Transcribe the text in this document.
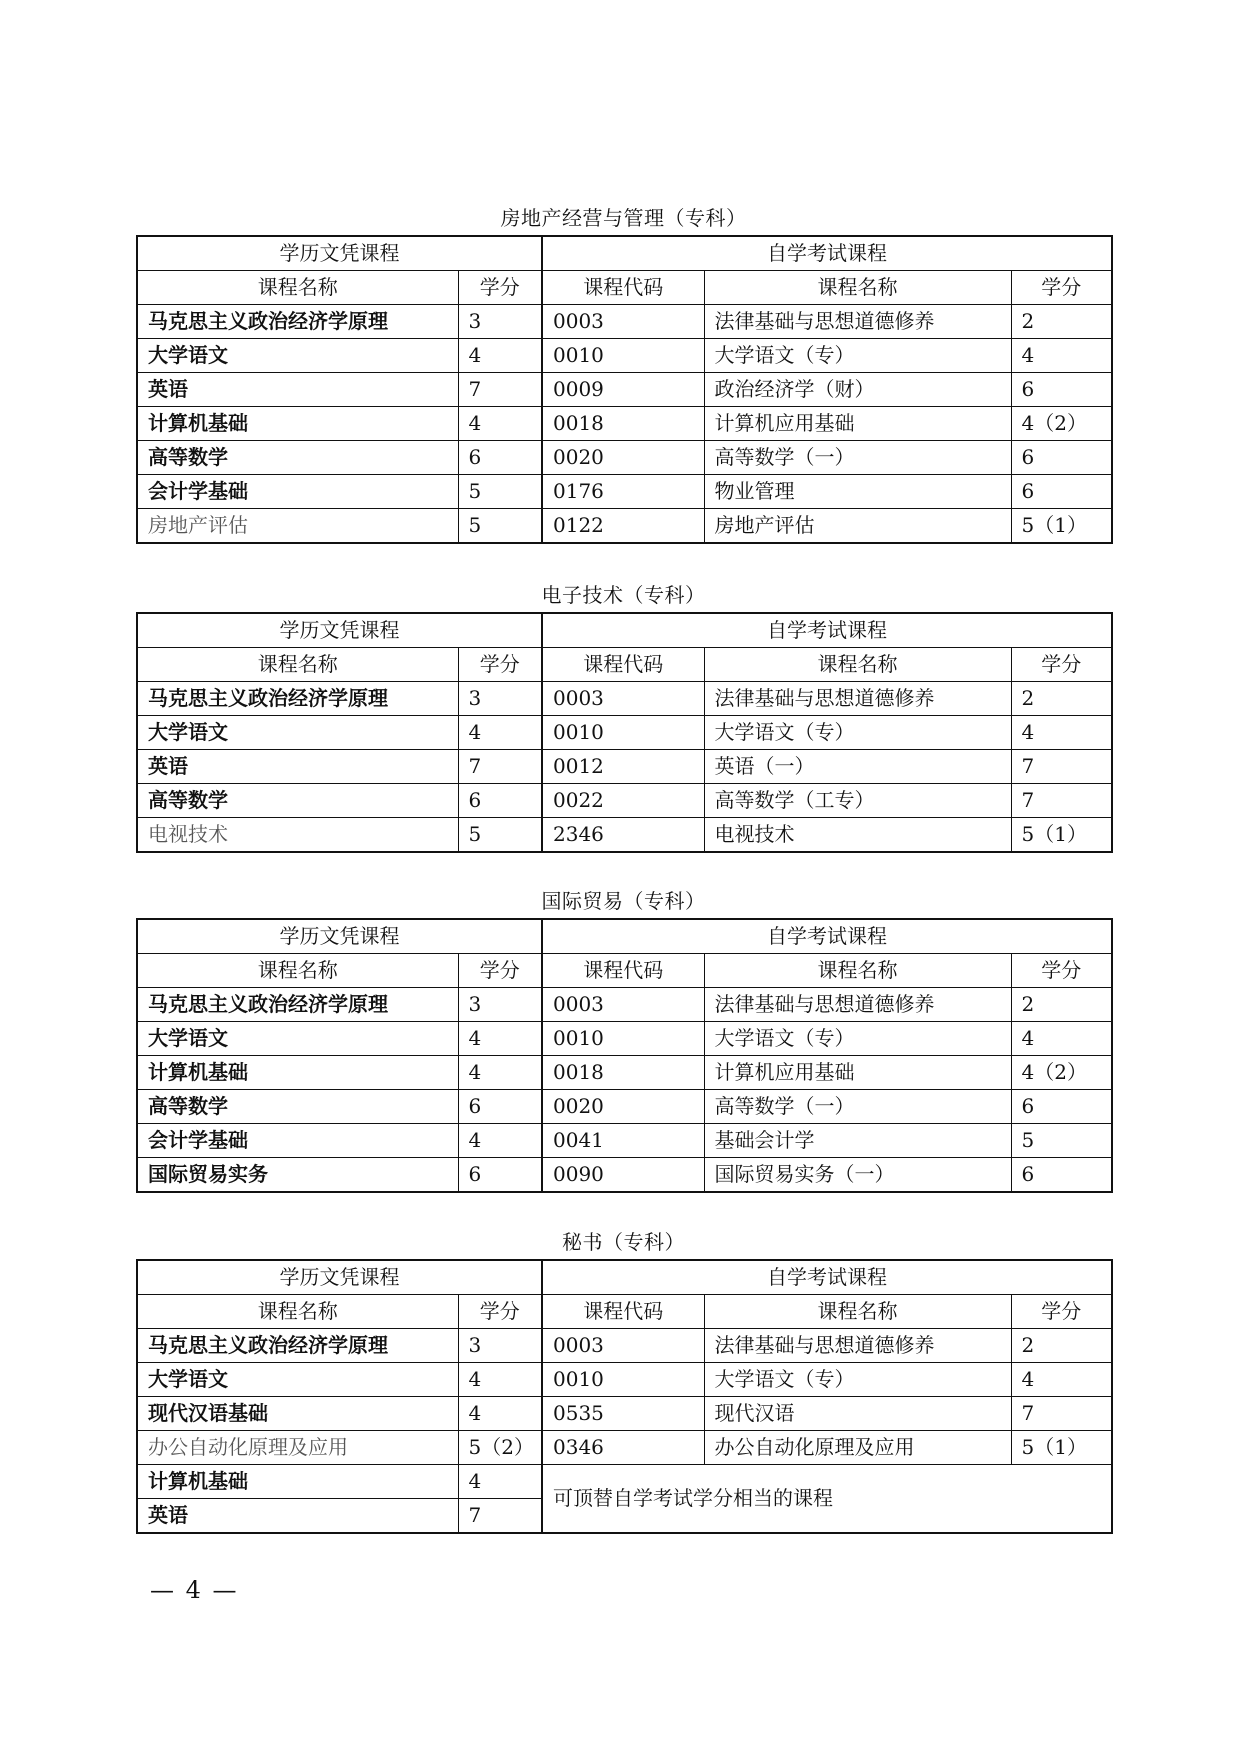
房地产经营与管理（专科）
学历文凭课程		自学考试课程		
课程名称	学分	课程代码	课程名称	学分
马克思主义政治经济学原理	3	0003	法律基础与思想道德修养	2
大学语文	4	0010	大学语文（专）	4
英语	7	0009	政治经济学（财）	6
计算机基础	4	0018	计算机应用基础	4（2）
高等数学	6	0020	高等数学（一）	6
会计学基础	5	0176	物业管理	6
房地产评估	5	0122	房地产评估	5（1）
电子技术（专科）
学历文凭课程		自学考试课程		
课程名称	学分	课程代码	课程名称	学分
马克思主义政治经济学原理	3	0003	法律基础与思想道德修养	2
大学语文	4	0010	大学语文（专）	4
英语	7	0012	英语（一）	7
高等数学	6	0022	高等数学（工专）	7
电视技术	5	2346	电视技术	5（1）
国际贸易（专科）
学历文凭课程		自学考试课程		
课程名称	学分	课程代码	课程名称	学分
马克思主义政治经济学原理	3	0003	法律基础与思想道德修养	2
大学语文	4	0010	大学语文（专）	4
计算机基础	4	0018	计算机应用基础	4（2）
高等数学	6	0020	高等数学（一）	6
会计学基础	4	0041	基础会计学	5
国际贸易实务	6	0090	国际贸易实务（一）	6
秘书（专科）
学历文凭课程		自学考试课程		
课程名称	学分	课程代码	课程名称	学分
马克思主义政治经济学原理	3	0003	法律基础与思想道德修养	2
大学语文	4	0010	大学语文（专）	4
现代汉语基础	4	0535	现代汉语	7
办公自动化原理及应用	5（2）	0346	办公自动化原理及应用	5（1）
计算机基础	4	可顶替自学考试学分相当的课程		
英语	7			
— 4 —
